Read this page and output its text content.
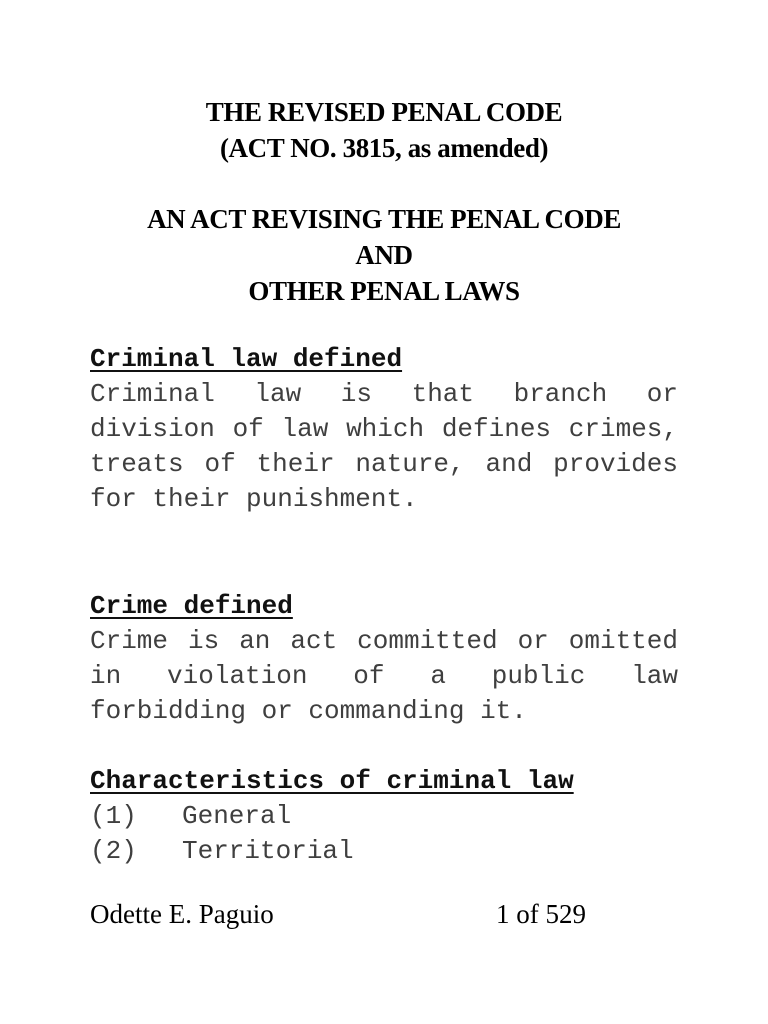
THE REVISED PENAL CODE
(ACT NO. 3815, as amended)
AN ACT REVISING THE PENAL CODE
AND
OTHER PENAL LAWS
Criminal law defined
Criminal law is that branch or division of law which defines crimes, treats of their nature, and provides for their punishment.
Crime defined
Crime is an act committed or omitted in violation of a public law forbidding or commanding it.
Characteristics of criminal law
(1)	General
(2)	Territorial
Odette E. Paguio	1 of 529
